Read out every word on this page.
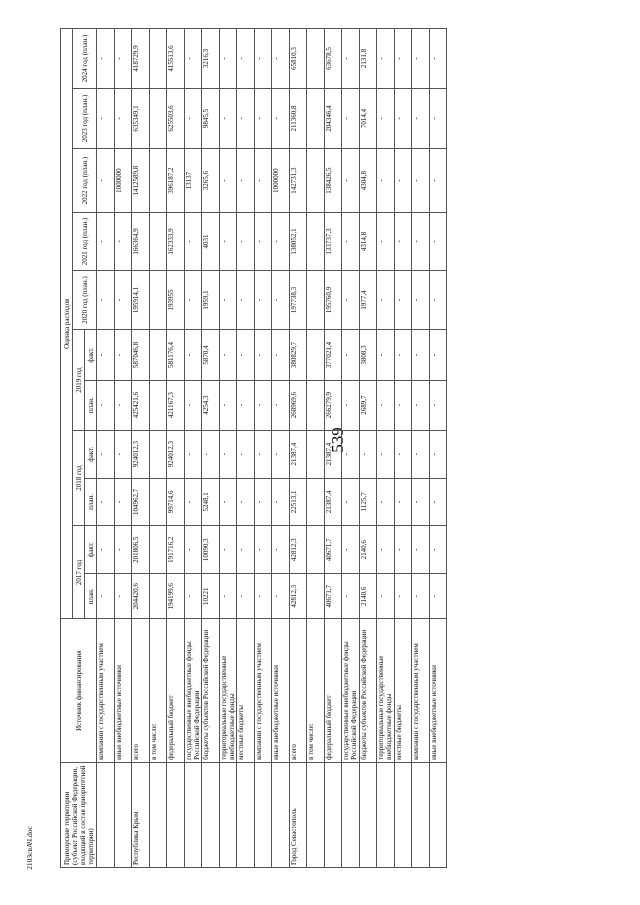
539
2103свАЧ.doc	Приморские территории (субъект Российской Федерации, входящий в состав приоритетной территории)	Источник финансирования	Оценка расходов										
		2017 год		2018 год		2019 год		2020 год (план.)	2021 год (план.)	2022 год (план.)	2023 год (план.)	2024 год (план.)
		план.	факт.	план.	факт.	план.	факт.					

	компании с государственным участием	-	-	-	-	-	-	-	-	-	-	-
	иные внебюджетные источники	-	-	-	-	-	-	-	-	1000000	-	-
Республика Крым	всего	204420,6	201806,5	104962,7	924012,3	425421,6	587046,8	195914,1	166364,9	1412589,8	635349,1	418729,9
	в том числе:											
	федеральный бюджет	194199,6	191716,2	99714,6	924012,3	421167,3	581176,4	193955	162333,9	396187,2	625503,6	415513,6
	государственные внебюджетные фонды Российской Федерации	-	-	-	-	-	-	-	-	13137	-	-
	бюджеты субъектов Российской Федерации	10221	10090,3	5248,1	-	4254,3	5870,4	1959,1	4031	3265,6	9845,5	3216,3
	территориальные государственные внебюджетные фонды	-	-	-	-	-	-	-	-	-	-	-
	местные бюджеты	-	-	-	-	-	-	-	-	-	-	-
	компании с государственным участием	-	-	-	-	-	-	-	-	-	-	-
	иные внебюджетные источники	-	-	-	-	-	-	-	-	1000000	-	-
Город Севастополь	всего	42812,3	42812,3	22513,1	21387,4	268969,6	380829,7	197738,3	138052,1	142731,3	211360,8	65810,3
	в том числе:											
	федеральный бюджет	40671,7	40671,7	21387,4	21387,4	266279,9	377021,4	195760,9	133737,3	138426,5	204346,4	63678,5
	государственные внебюджетные фонды Российской Федерации	-	-	-	-	-	-	-	-	-	-	-
	бюджеты субъектов Российской Федерации	2140,6	2140,6	1125,7	-	2689,7	3808,3	1977,4	4314,8	4304,8	7014,4	2131,8
	территориальные государственные внебюджетные фонды	-	-	-	-	-	-	-	-	-	-	-
	местные бюджеты	-	-	-	-	-	-	-	-	-	-	-
	компании с государственным участием	-	-	-	-	-	-	-	-	-	-	-
	иные внебюджетные источники	-	-	-	-	-	-	-	-	-	-	-
